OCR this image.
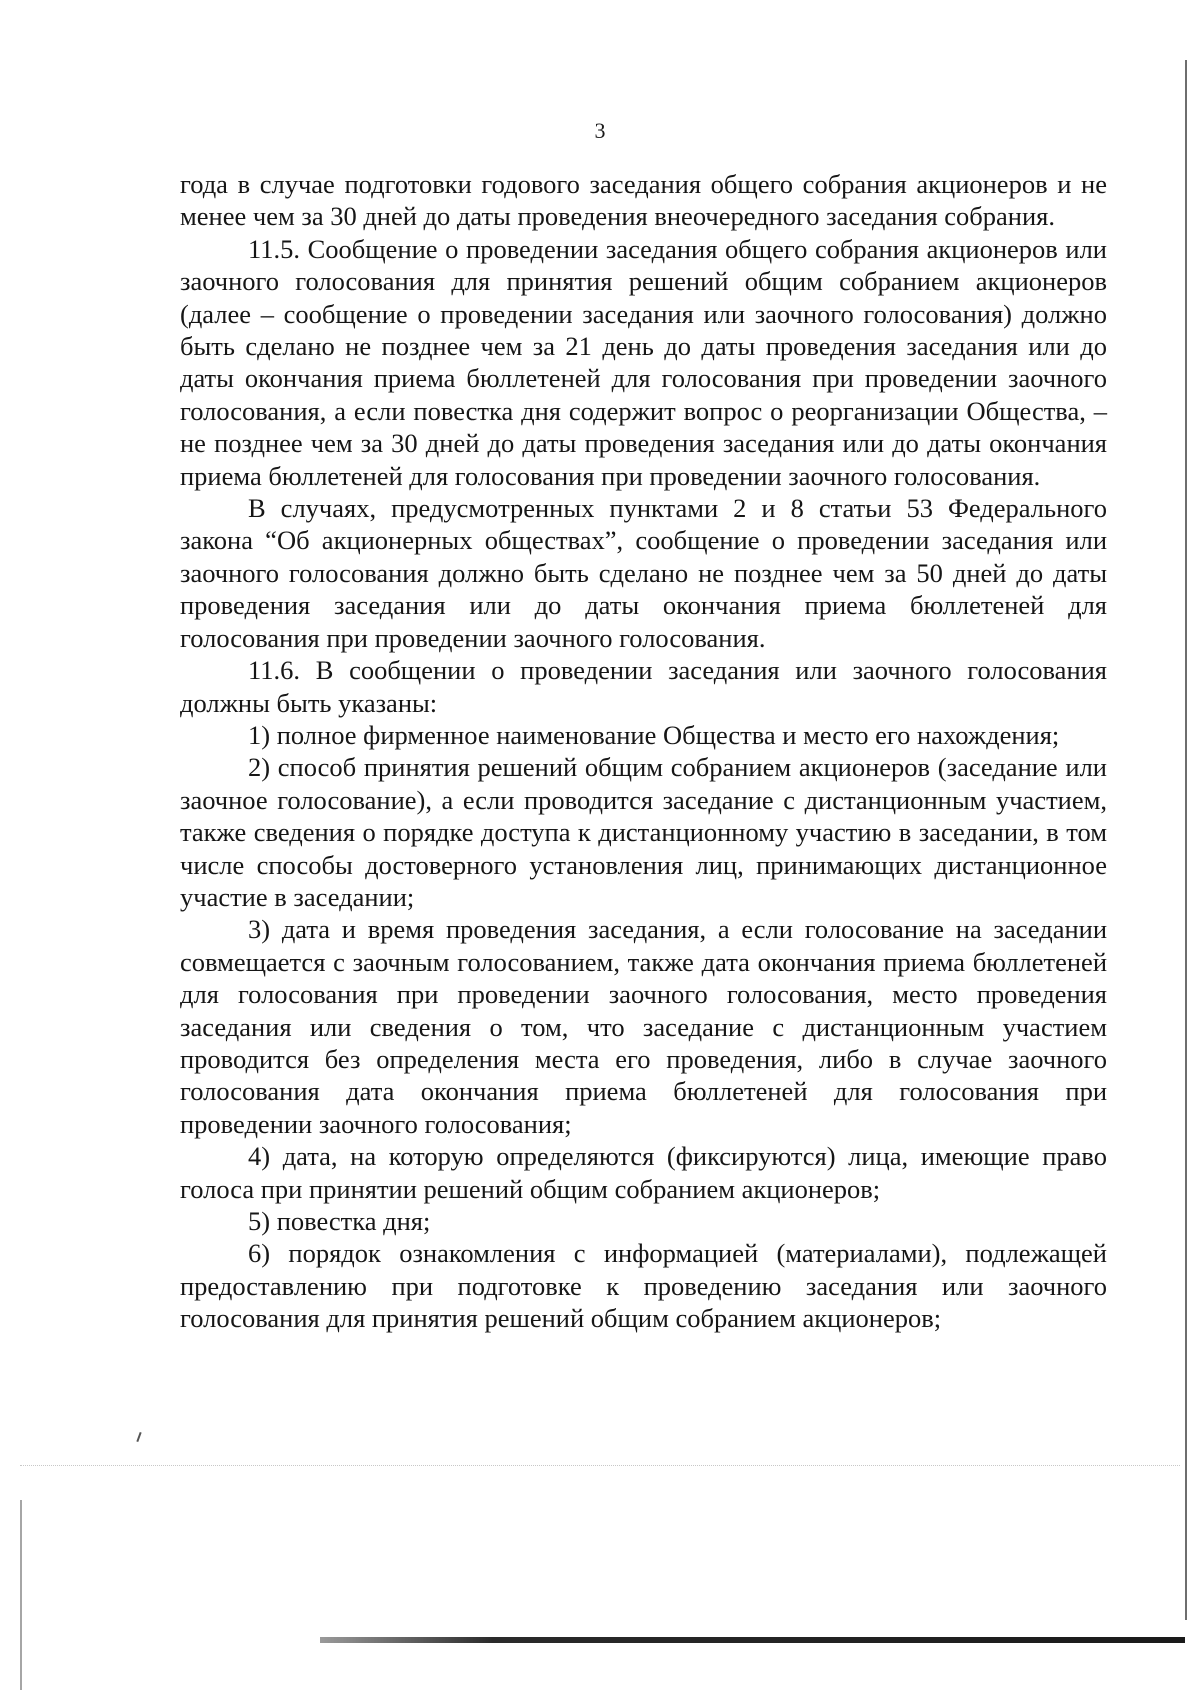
3

года в случае подготовки годового заседания общего собрания акционеров и не менее чем за 30 дней до даты проведения внеочередного заседания собрания.

11.5. Сообщение о проведении заседания общего собрания акционеров или заочного голосования для принятия решений общим собранием акционеров (далее – сообщение о проведении заседания или заочного голосования) должно быть сделано не позднее чем за 21 день до даты проведения заседания или до даты окончания приема бюллетеней для голосования при проведении заочного голосования, а если повестка дня содержит вопрос о реорганизации Общества, – не позднее чем за 30 дней до даты проведения заседания или до даты окончания приема бюллетеней для голосования при проведении заочного голосования.

В случаях, предусмотренных пунктами 2 и 8 статьи 53 Федерального закона “Об акционерных обществах”, сообщение о проведении заседания или заочного голосования должно быть сделано не позднее чем за 50 дней до даты проведения заседания или до даты окончания приема бюллетеней для голосования при проведении заочного голосования.

11.6. В сообщении о проведении заседания или заочного голосования должны быть указаны:

1) полное фирменное наименование Общества и место его нахождения;

2) способ принятия решений общим собранием акционеров (заседание или заочное голосование), а если проводится заседание с дистанционным участием, также сведения о порядке доступа к дистанционному участию в заседании, в том числе способы достоверного установления лиц, принимающих дистанционное участие в заседании;

3) дата и время проведения заседания, а если голосование на заседании совмещается с заочным голосованием, также дата окончания приема бюллетеней для голосования при проведении заочного голосования, место проведения заседания или сведения о том, что заседание с дистанционным участием проводится без определения места его проведения, либо в случае заочного голосования дата окончания приема бюллетеней для голосования при проведении заочного голосования;

4) дата, на которую определяются (фиксируются) лица, имеющие право голоса при принятии решений общим собранием акционеров;

5) повестка дня;

6) порядок ознакомления с информацией (материалами), подлежащей предоставлению при подготовке к проведению заседания или заочного голосования для принятия решений общим собранием акционеров;
